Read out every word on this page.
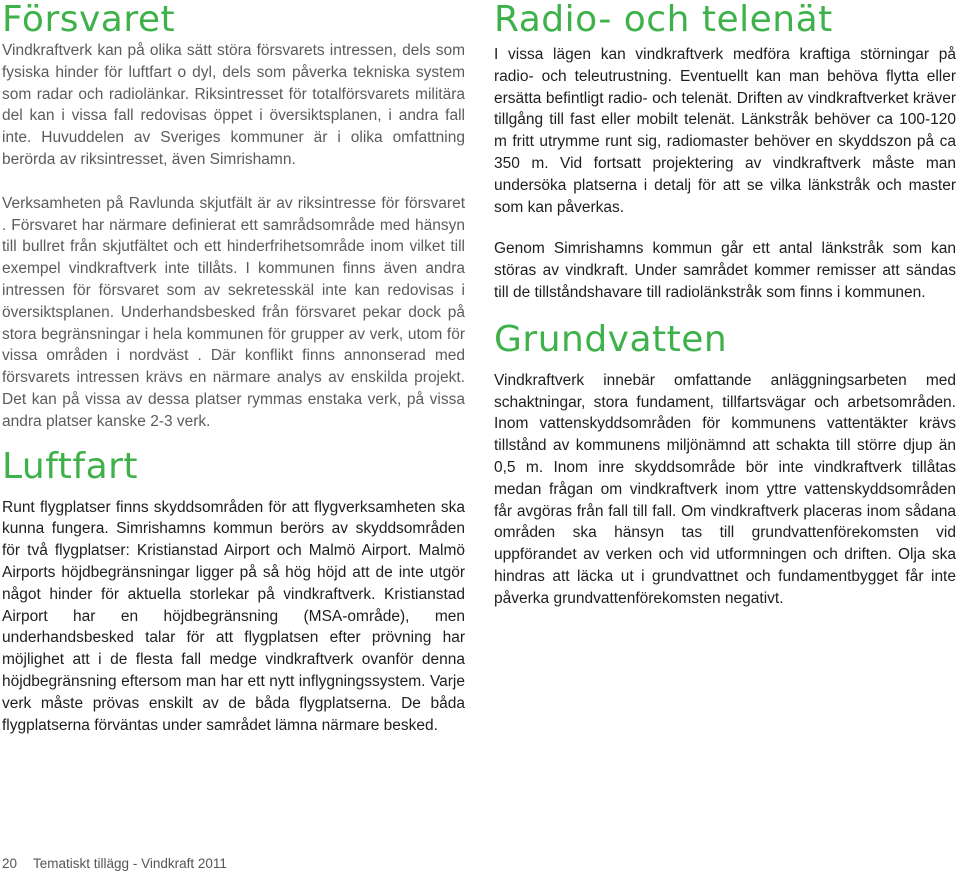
Försvaret

Vindkraftverk kan på olika sätt störa försvarets intressen, dels som fysiska hinder för luftfart o dyl, dels som påverka tekniska system som radar och radiolänkar. Riksintresset för totalförsvarets militära del kan i vissa fall redovisas öppet i översiktsplanen, i andra fall inte. Huvuddelen av Sveriges kommuner är i olika omfattning berörda av riksintresset, även Simrishamn.

Verksamheten på Ravlunda skjutfält är av riksintresse för försvaret . Försvaret har närmare definierat ett samrådsområde med hänsyn till bullret från skjutfältet och ett hinderfrihetsområde inom vilket till exempel vindkraftverk inte tillåts. I kommunen finns även andra intressen för försvaret som av sekretesskäl inte kan redovisas i översiktsplanen. Underhandsbesked från försvaret pekar dock på stora begränsningar i hela kommunen för grupper av verk, utom för vissa områden i nordväst . Där konflikt finns annonserad med försvarets intressen krävs en närmare analys av enskilda projekt. Det kan på vissa av dessa platser rymmas enstaka verk, på vissa andra platser kanske 2-3 verk.

Luftfart

Runt flygplatser finns skyddsområden för att flygverksamheten ska kunna fungera. Simrishamns kommun berörs av skyddsområden för två flygplatser: Kristianstad Airport och Malmö Airport. Malmö Airports höjdbegränsningar ligger på så hög höjd att de inte utgör något hinder för aktuella storlekar på vindkraftverk. Kristianstad Airport har en höjdbegränsning (MSA-område), men underhandsbesked talar för att flygplatsen efter prövning har möjlighet att i de flesta fall medge vindkraftverk ovanför denna höjdbegränsning eftersom man har ett nytt inflygningssystem. Varje verk måste prövas enskilt av de båda flygplatserna. De båda flygplatserna förväntas under samrådet lämna närmare besked.

Radio- och telenät

I vissa lägen kan vindkraftverk medföra kraftiga störningar på radio- och teleutrustning. Eventuellt kan man behöva flytta eller ersätta befintligt radio- och telenät. Driften av vindkraftverket kräver tillgång till fast eller mobilt telenät. Länkstråk behöver ca 100-120 m fritt utrymme runt sig, radiomaster behöver en skyddszon på ca 350 m. Vid fortsatt projektering av vindkraftverk måste man undersöka platserna i detalj för att se vilka länkstråk och master som kan påverkas.

Genom Simrishamns kommun går ett antal länkstråk som kan störas av vindkraft. Under samrådet kommer remisser att sändas till de tillståndshavare till radiolänkstråk som finns i kommunen.

Grundvatten

Vindkraftverk innebär omfattande anläggningsarbeten med schaktningar, stora fundament, tillfartsvägar och arbetsområden. Inom vattenskyddsområden för kommunens vattentäkter krävs tillstånd av kommunens miljönämnd att schakta till större djup än 0,5 m. Inom inre skyddsområde bör inte vindkraftverk tillåtas medan frågan om vindkraftverk inom yttre vattenskyddsområden får avgöras från fall till fall. Om vindkraftverk placeras inom sådana områden ska hänsyn tas till grundvattenförekomsten vid uppförandet av verken och vid utformningen och driften. Olja ska hindras att läcka ut i grundvattnet och fundamentbygget får inte påverka grundvattenförekomsten negativt.

20 Tematiskt tillägg - Vindkraft 2011
